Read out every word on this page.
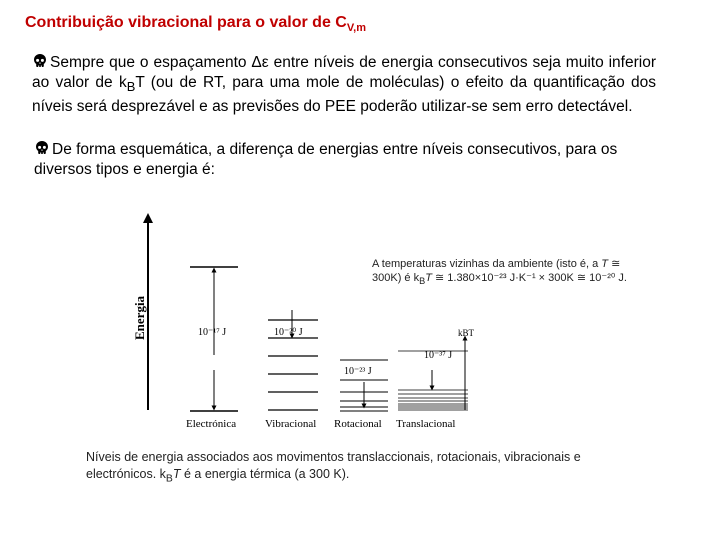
Contribuição vibracional para o valor de $C_{V,m}$
Sempre que o espaçamento Δε entre níveis de energia consecutivos seja muito inferior ao valor de $k_BT$ (ou de RT, para uma mole de moléculas) o efeito da quantificação dos níveis será desprezável e as previsões do PEE poderão utilizar-se sem erro detectável.
De forma esquemática, a diferença de energias entre níveis consecutivos, para os diversos tipos e energia é:
Energia	10⁻¹⁷ J	10⁻²⁰ J
10⁻²³ J
10⁻³⁷ J
kBT
Electrónica	Vibracional Rotacional Translacional
A temperaturas vizinhas da ambiente (isto é, a T ≅ 300K) é $k_BT$ ≅ 1.380×10⁻²³ J·K⁻¹ × 300K ≅ 10⁻²⁰ J.
Níveis de energia associados aos movimentos translaccionais, rotacionais, vibracionais e electrónicos. $k_BT$ é a energia térmica (a 300 K).
